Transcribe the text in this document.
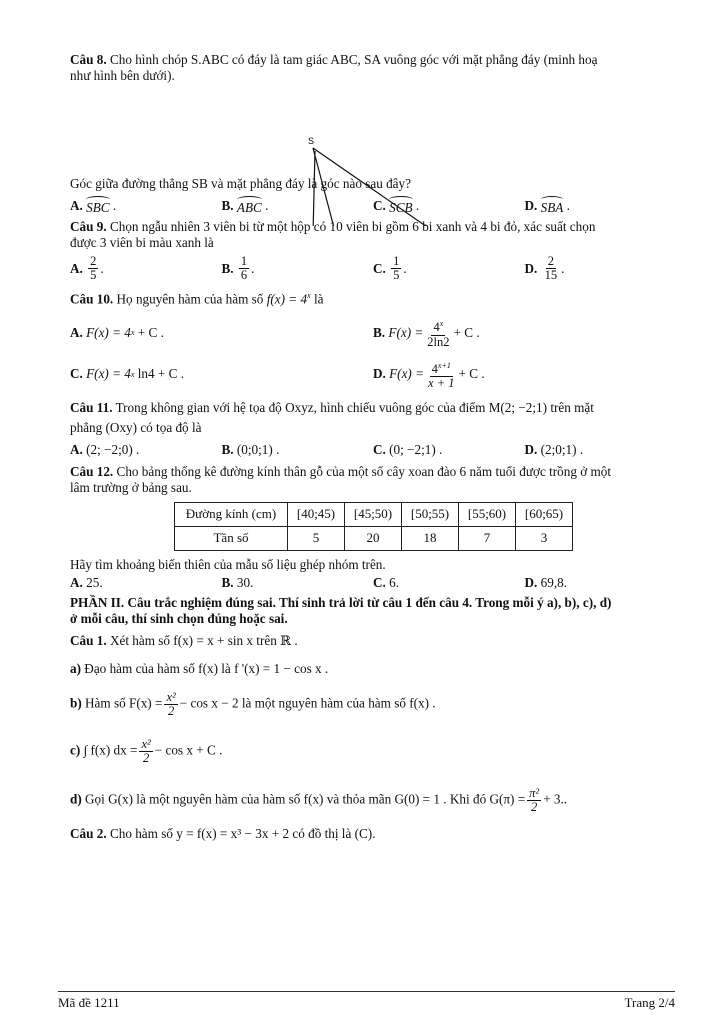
Câu 8. Cho hình chóp S.ABC có đáy là tam giác ABC, SA vuông góc với mặt phẳng đáy (minh hoạ
như hình bên dưới).
S
Góc giữa đường thẳng SB và mặt phẳng đáy là góc nào sau đây?
A.
SBC .	B.
ABC .	C.
SCB .	D.
SBA .
Câu 9. Chọn ngẫu nhiên 3 viên bi từ một hộp có 10 viên bi gồm 6 bi xanh và 4 bi đỏ, xác suất chọn
được 3 viên bi màu xanh là
A.
$\frac{2}{5}$ .	B.
$\frac{1}{6}$ .	C.
$\frac{1}{5}$ .	D.
$\frac{2}{15}$ .
Câu 10. Họ nguyên hàm của hàm số $f(x) = 4^x$ là
A.
F(x) = 4 x
+ C .	B.
$F(x) = \frac{4^x}{2\ln 2} + C$ .
C.
F(x) = 4 x
ln4 + C .	D.
$F(x) = \frac{4^{x+1}}{x + 1} + C$ .
Câu 11. Trong không gian với hệ tọa độ Oxyz, hình chiếu vuông góc của điểm M(2; −2;1) trên mặt
phẳng (Oxy) có tọa độ là
A.
(2; −2;0) .	B.
(0;0;1) .	C.
(0; −2;1) .	D.
(2;0;1) .
Câu 12. Cho bảng thống kê đường kính thân gỗ của một số cây xoan đào 6 năm tuổi được trồng ở một
lâm trường ở bảng sau.
Đường kính (cm)	[40;45)	[45;50)	[50;55)	[55;60)	[60;65)
Tần số	5	20	18	7	3
Hãy tìm khoảng biến thiên của mẫu số liệu ghép nhóm trên.
A.
25.	B.
30.	C.
6.	D.
69,8.
PHẦN II. Câu trắc nghiệm đúng sai. Thí sinh trả lời từ câu 1 đến câu 4. Trong mỗi ý a), b), c), d)
ở mỗi câu, thí sinh chọn đúng hoặc sai.
Câu 1. Xét hàm số f(x) = x + sin x trên ℝ .
a) Đạo hàm của hàm số f(x) là f '(x) = 1 − cos x .
b) Hàm số $F(x) = \frac{\text{x²}}{2} - \cos x - 2$ là một nguyên hàm của hàm số f(x) .
c) ∫ f(x) dx = $\frac{\text{x²}}{2} - \cos x + C$ .
d) Gọi G(x) là một nguyên hàm của hàm số f(x) và thỏa mãn G(0) = 1 . Khi đó $G(\pi) = \frac{\text{π²}}{2} + 3$..
Câu 2. Cho hàm số y = f(x) = x³ − 3x + 2 có đồ thị là (C).
Mã đề 1211	Trang 2/4
